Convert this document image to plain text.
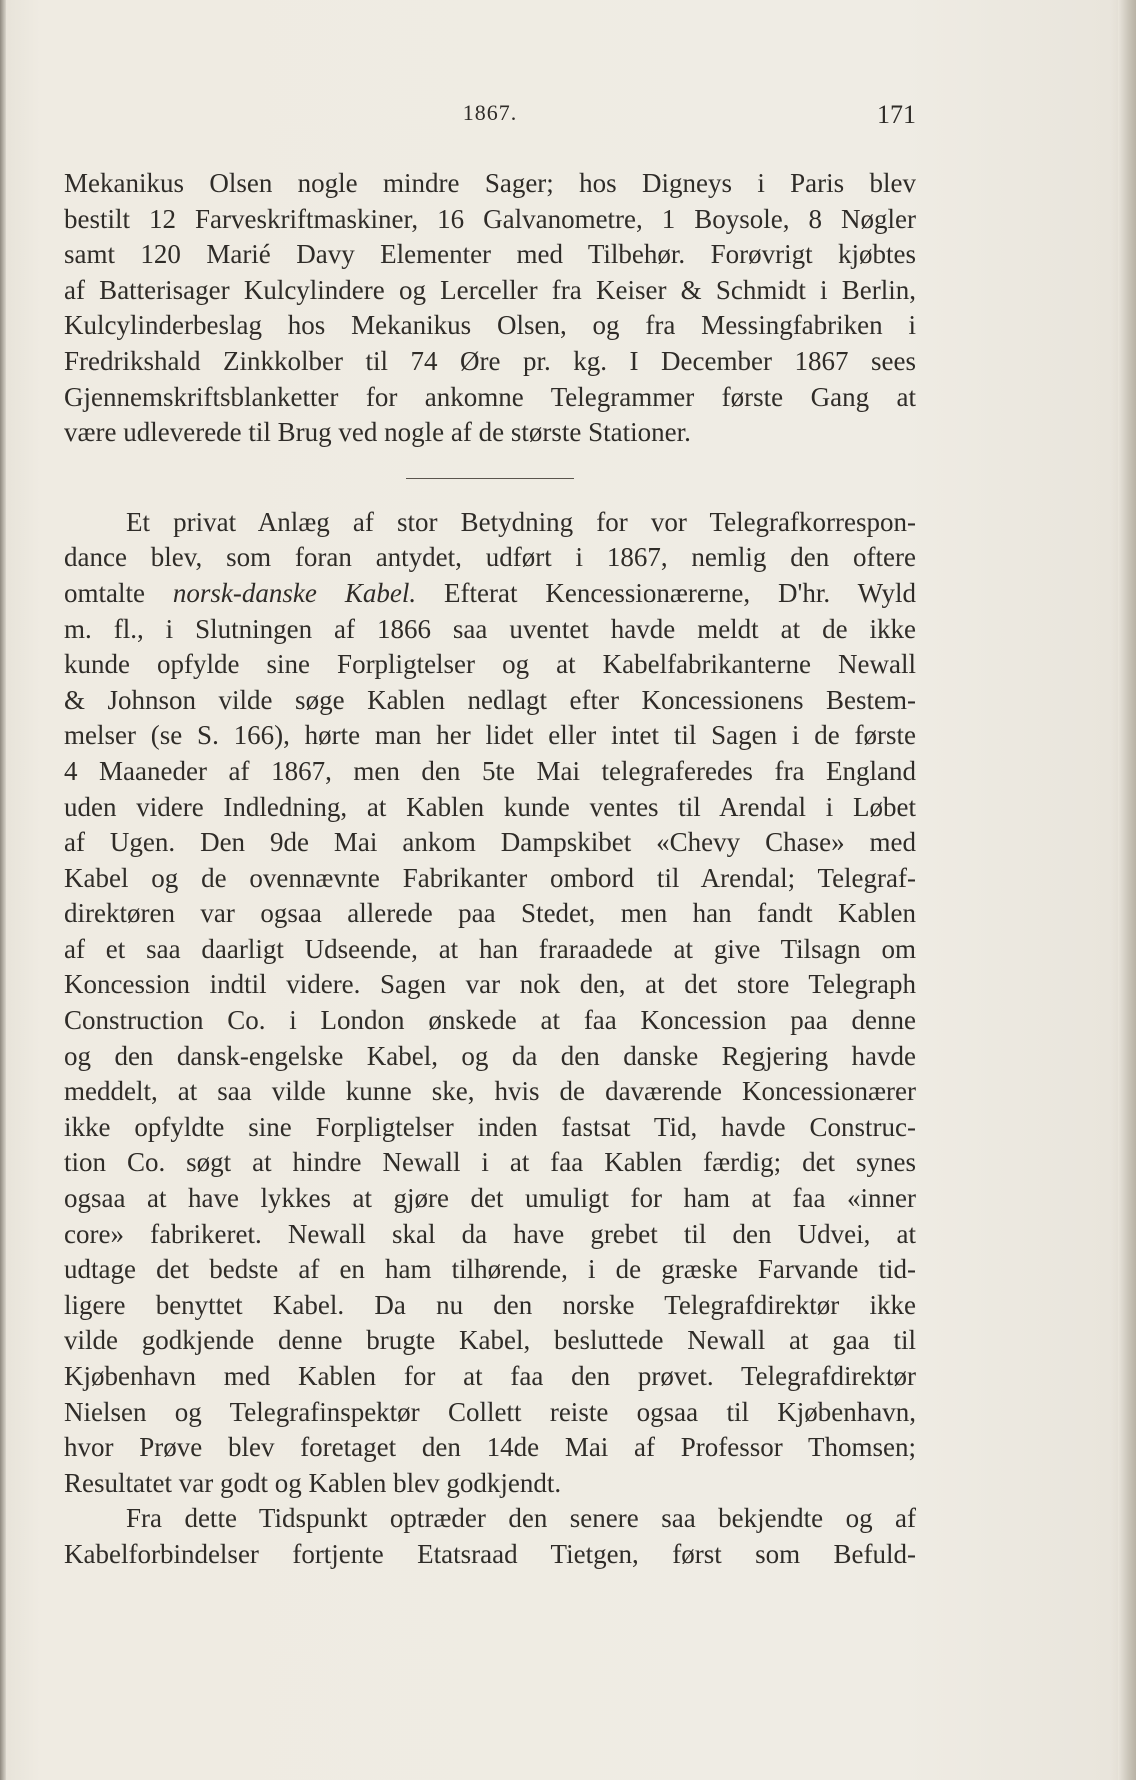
1867.	171
Mekanikus Olsen nogle mindre Sager; hos Digneys i Paris blev
bestilt 12 Farveskriftmaskiner, 16 Galvanometre, 1 Boysole, 8 Nøgler
samt 120 Marié Davy Elementer med Tilbehør. Forøvrigt kjøbtes
af Batterisager Kulcylindere og Lerceller fra Keiser & Schmidt i Berlin,
Kulcylinderbeslag hos Mekanikus Olsen, og fra Messingfabriken i
Fredrikshald Zinkkolber til 74 Øre pr. kg. I December 1867 sees
Gjennemskriftsblanketter for ankomne Telegrammer første Gang at
være udleverede til Brug ved nogle af de største Stationer.
Et privat Anlæg af stor Betydning for vor Telegrafkorrespon-
dance blev, som foran antydet, udført i 1867, nemlig den oftere
omtalte norsk-danske Kabel. Efterat Kencessionærerne, D'hr. Wyld
m. fl., i Slutningen af 1866 saa uventet havde meldt at de ikke
kunde opfylde sine Forpligtelser og at Kabelfabrikanterne Newall
& Johnson vilde søge Kablen nedlagt efter Koncessionens Bestem-
melser (se S. 166), hørte man her lidet eller intet til Sagen i de første
4 Maaneder af 1867, men den 5te Mai telegraferedes fra England
uden videre Indledning, at Kablen kunde ventes til Arendal i Løbet
af Ugen. Den 9de Mai ankom Dampskibet «Chevy Chase» med
Kabel og de ovennævnte Fabrikanter ombord til Arendal; Telegraf-
direktøren var ogsaa allerede paa Stedet, men han fandt Kablen
af et saa daarligt Udseende, at han fraraadede at give Tilsagn om
Koncession indtil videre. Sagen var nok den, at det store Telegraph
Construction Co. i London ønskede at faa Koncession paa denne
og den dansk-engelske Kabel, og da den danske Regjering havde
meddelt, at saa vilde kunne ske, hvis de daværende Koncessionærer
ikke opfyldte sine Forpligtelser inden fastsat Tid, havde Construc-
tion Co. søgt at hindre Newall i at faa Kablen færdig; det synes
ogsaa at have lykkes at gjøre det umuligt for ham at faa «inner
core» fabrikeret. Newall skal da have grebet til den Udvei, at
udtage det bedste af en ham tilhørende, i de græske Farvande tid-
ligere benyttet Kabel. Da nu den norske Telegrafdirektør ikke
vilde godkjende denne brugte Kabel, besluttede Newall at gaa til
Kjøbenhavn med Kablen for at faa den prøvet. Telegrafdirektør
Nielsen og Telegrafinspektør Collett reiste ogsaa til Kjøbenhavn,
hvor Prøve blev foretaget den 14de Mai af Professor Thomsen;
Resultatet var godt og Kablen blev godkjendt.
Fra dette Tidspunkt optræder den senere saa bekjendte og af
Kabelforbindelser fortjente Etatsraad Tietgen, først som Befuld-
